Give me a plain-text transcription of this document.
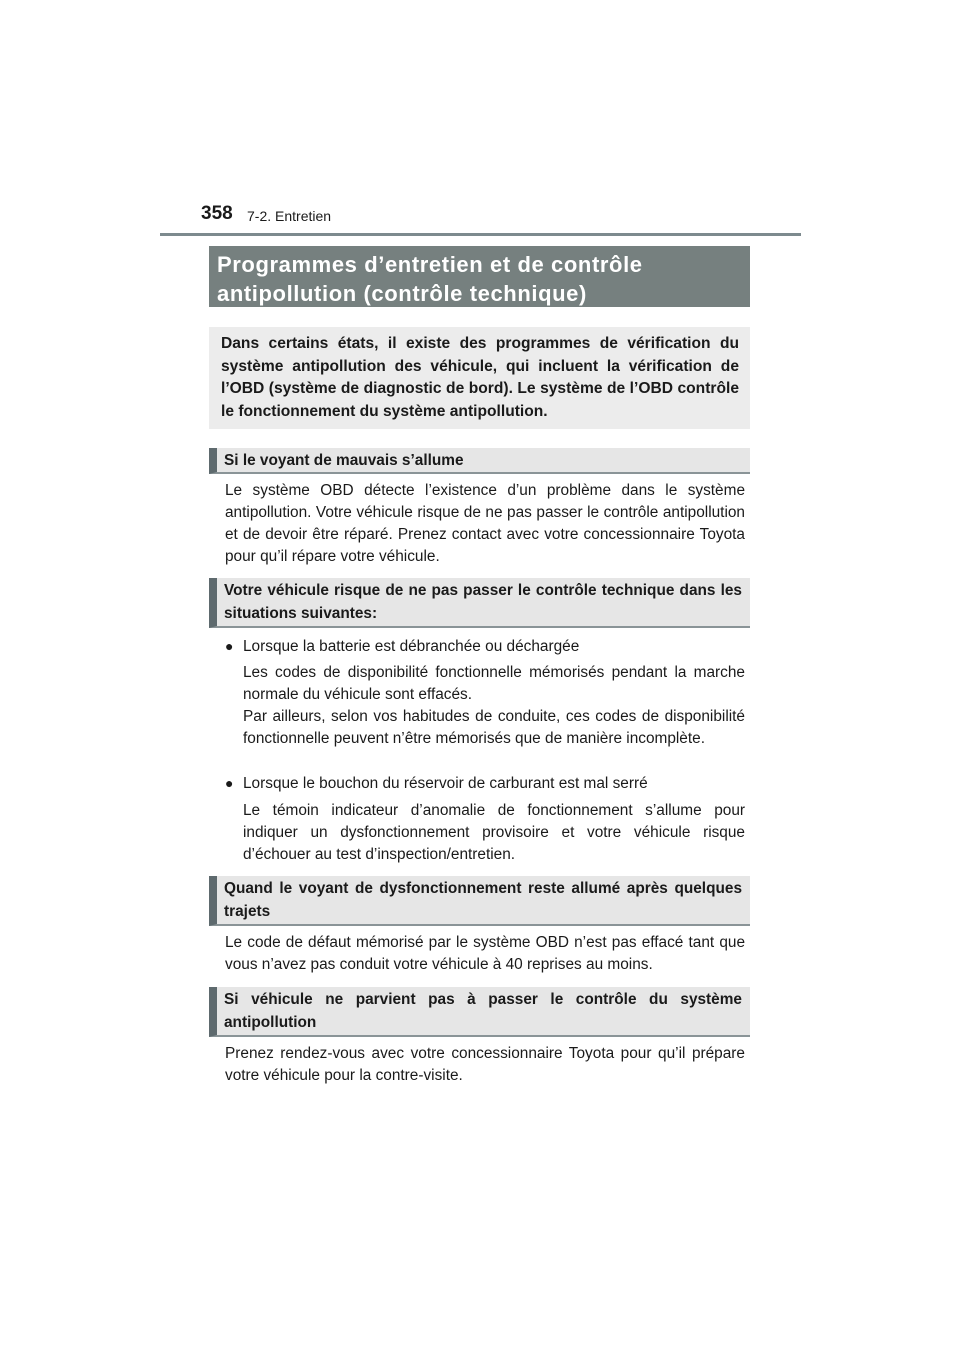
358 7-2. Entretien
Programmes d’entretien et de contrôle antipollution (contrôle technique)
Dans certains états, il existe des programmes de vérification du système antipollution des véhicule, qui incluent la vérification de l’OBD (système de diagnostic de bord). Le système de l’OBD contrôle le fonctionnement du système antipollution.
Si le voyant de mauvais s’allume
Le système OBD détecte l’existence d’un problème dans le système antipollution. Votre véhicule risque de ne pas passer le contrôle antipollution et de devoir être réparé. Prenez contact avec votre concessionnaire Toyota pour qu’il répare votre véhicule.
Votre véhicule risque de ne pas passer le contrôle technique dans les situations suivantes:
● Lorsque la batterie est débranchée ou déchargée
Les codes de disponibilité fonctionnelle mémorisés pendant la marche normale du véhicule sont effacés.
Par ailleurs, selon vos habitudes de conduite, ces codes de disponibilité fonctionnelle peuvent n’être mémorisés que de manière incomplète.
● Lorsque le bouchon du réservoir de carburant est mal serré
Le témoin indicateur d’anomalie de fonctionnement s’allume pour indiquer un dysfonctionnement provisoire et votre véhicule risque d’échouer au test d’inspection/entretien.
Quand le voyant de dysfonctionnement reste allumé après quelques trajets
Le code de défaut mémorisé par le système OBD n’est pas effacé tant que vous n’avez pas conduit votre véhicule à 40 reprises au moins.
Si véhicule ne parvient pas à passer le contrôle du système antipollution
Prenez rendez-vous avec votre concessionnaire Toyota pour qu’il prépare votre véhicule pour la contre-visite.
